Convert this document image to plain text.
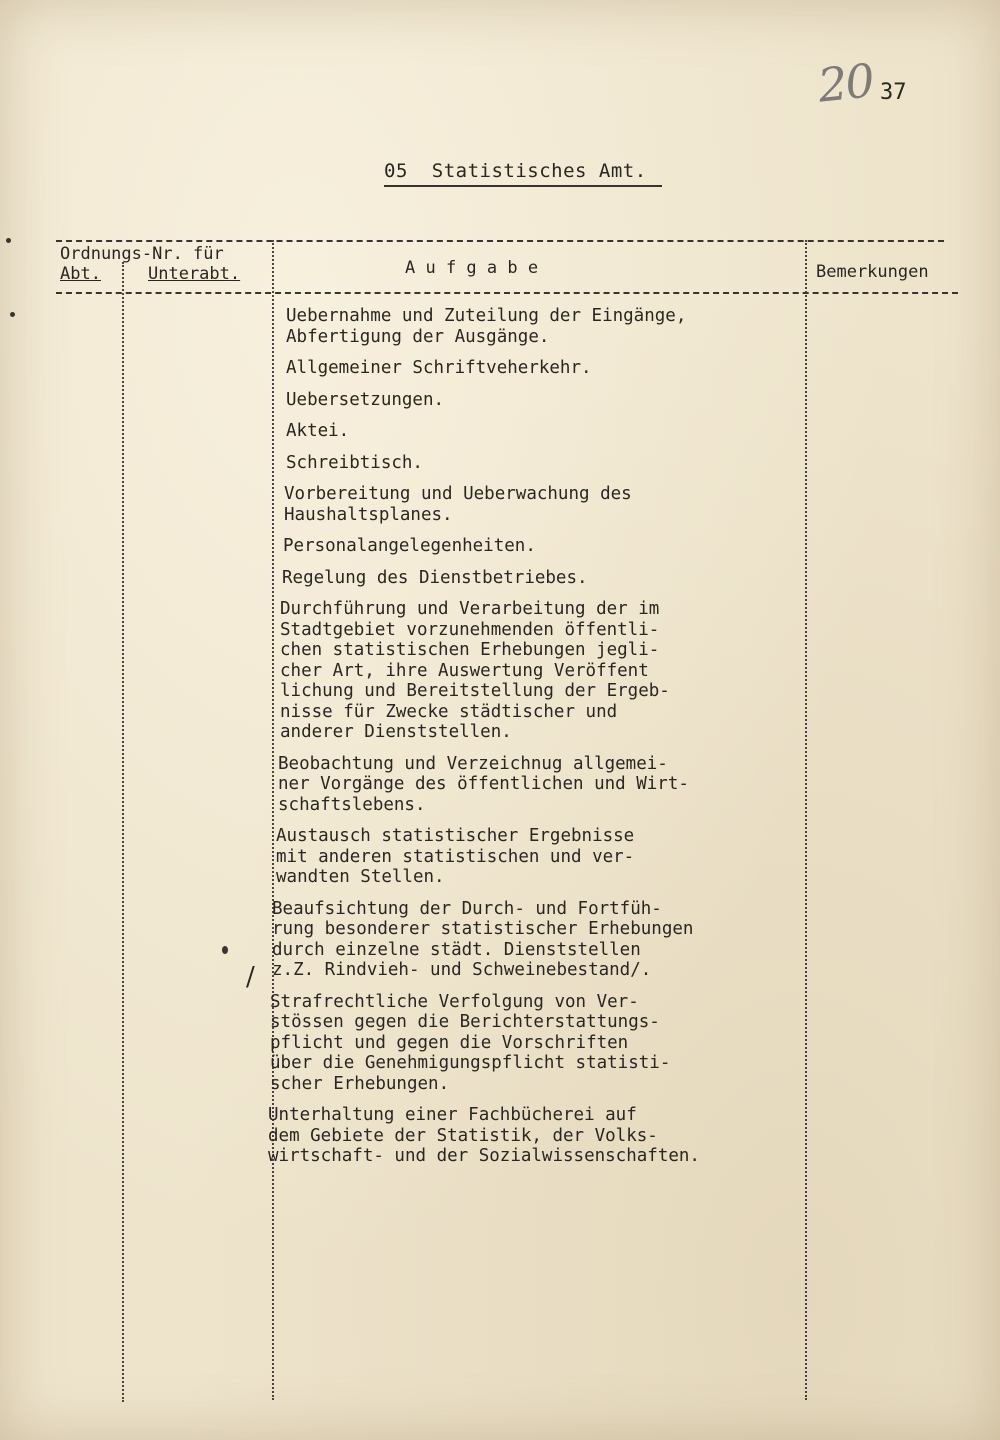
20 37
05  Statistisches Amt.
Ordnungs-Nr. für
Abt.	Unterabt.	A u f g a b e	Bemerkungen
Uebernahme und Zuteilung der Eingänge,
Abfertigung der Ausgänge.
Allgemeiner Schriftveherkehr.
Uebersetzungen.
Aktei.
Schreibtisch.
Vorbereitung und Ueberwachung des
Haushaltsplanes.
Personalangelegenheiten.
Regelung des Dienstbetriebes.
Durchführung und Verarbeitung der im
Stadtgebiet vorzunehmenden öffentli-
chen statistischen Erhebungen jegli-
cher Art, ihre Auswertung Veröffent
lichung und Bereitstellung der Ergeb-
nisse für Zwecke städtischer und
anderer Dienststellen.
Beobachtung und Verzeichnug allgemei-
ner Vorgänge des öffentlichen und Wirt-
schaftslebens.
Austausch statistischer Ergebnisse
mit anderen statistischen und ver-
wandten Stellen.
Beaufsichtung der Durch- und Fortfüh-
rung besonderer statistischer Erhebungen
durch einzelne städt. Dienststellen
z.Z. Rindvieh- und Schweinebestand/.
Strafrechtliche Verfolgung von Ver-
stössen gegen die Berichterstattungs-
pflicht und gegen die Vorschriften
über die Genehmigungspflicht statisti-
scher Erhebungen.
Unterhaltung einer Fachbücherei auf
dem Gebiete der Statistik, der Volks-
wirtschaft- und der Sozialwissenschaften.
/
